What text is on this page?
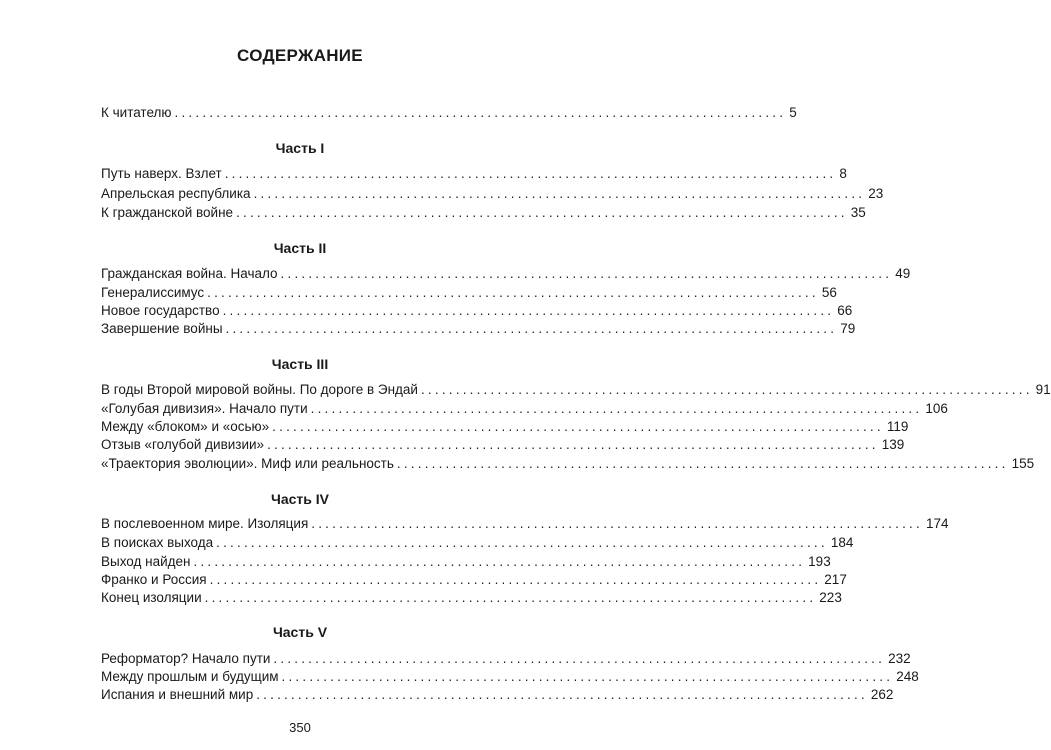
СОДЕРЖАНИЕ
К читателю ........................................................................................ 5
Часть I
Путь наверх. Взлет ........................................................................................ 8
Апрельская республика ........................................................................................ 23
К гражданской войне ........................................................................................ 35
Часть II
Гражданская война. Начало ........................................................................................ 49
Генералиссимус ........................................................................................ 56
Новое государство ........................................................................................ 66
Завершение войны ........................................................................................ 79
Часть III
В годы Второй мировой войны. По дороге в Эндай ........................................................................................ 91
«Голубая дивизия». Начало пути ........................................................................................ 106
Между «блоком» и «осью» ........................................................................................ 119
Отзыв «голубой дивизии» ........................................................................................ 139
«Траектория эволюции». Миф или реальность ........................................................................................ 155
Часть IV
В послевоенном мире. Изоляция ........................................................................................ 174
В поисках выхода ........................................................................................ 184
Выход найден ........................................................................................ 193
Франко и Россия ........................................................................................ 217
Конец изоляции ........................................................................................ 223
Часть V
Реформатор? Начало пути ........................................................................................ 232
Между прошлым и будущим ........................................................................................ 248
Испания и внешний мир ........................................................................................ 262
350
